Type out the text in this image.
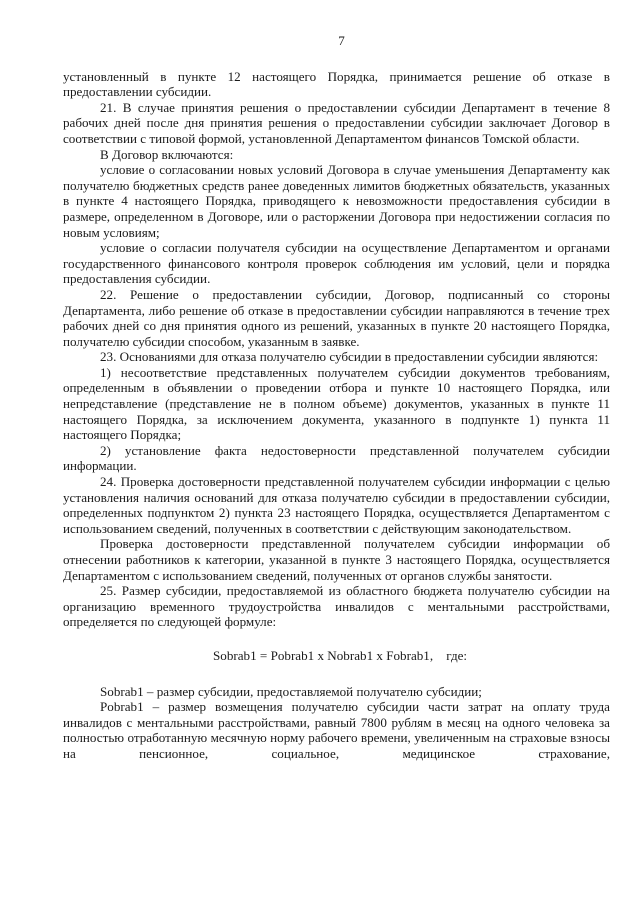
7

установленный в пункте 12 настоящего Порядка, принимается решение об отказе в предоставлении субсидии.

21. В случае принятия решения о предоставлении субсидии Департамент в течение 8 рабочих дней после дня принятия решения о предоставлении субсидии заключает Договор в соответствии с типовой формой, установленной Департаментом финансов Томской области.

В Договор включаются:

условие о согласовании новых условий Договора в случае уменьшения Департаменту как получателю бюджетных средств ранее доведенных лимитов бюджетных обязательств, указанных в пункте 4 настоящего Порядка, приводящего к невозможности предоставления субсидии в размере, определенном в Договоре, или о расторжении Договора при недостижении согласия по новым условиям;

условие о согласии получателя субсидии на осуществление Департаментом и органами государственного финансового контроля проверок соблюдения им условий, цели и порядка предоставления субсидии.

22. Решение о предоставлении субсидии, Договор, подписанный со стороны Департамента, либо решение об отказе в предоставлении субсидии направляются в течение трех рабочих дней со дня принятия одного из решений, указанных в пункте 20 настоящего Порядка, получателю субсидии способом, указанным в заявке.

23. Основаниями для отказа получателю субсидии в предоставлении субсидии являются:

1) несоответствие представленных получателем субсидии документов требованиям, определенным в объявлении о проведении отбора и пункте 10 настоящего Порядка, или непредставление (представление не в полном объеме) документов, указанных в пункте 11 настоящего Порядка, за исключением документа, указанного в подпункте 1) пункта 11 настоящего Порядка;

2) установление факта недостоверности представленной получателем субсидии информации.

24. Проверка достоверности представленной получателем субсидии информации с целью установления наличия оснований для отказа получателю субсидии в предоставлении субсидии, определенных подпунктом 2) пункта 23 настоящего Порядка, осуществляется Департаментом с использованием сведений, полученных в соответствии с действующим законодательством.

Проверка достоверности представленной получателем субсидии информации об отнесении работников к категории, указанной в пункте 3 настоящего Порядка, осуществляется Департаментом с использованием сведений, полученных от органов службы занятости.

25. Размер субсидии, предоставляемой из областного бюджета получателю субсидии на организацию временного трудоустройства инвалидов с ментальными расстройствами, определяется по следующей формуле:

Sobrab1 = Pobrab1 x Nobrab1 x Fobrab1, где:

Sobrab1 – размер субсидии, предоставляемой получателю субсидии;

Pobrab1 – размер возмещения получателю субсидии части затрат на оплату труда инвалидов с ментальными расстройствами, равный 7800 рублям в месяц на одного человека за полностью отработанную месячную норму рабочего времени, увеличенным на страховые взносы на пенсионное, социальное, медицинское страхование,
